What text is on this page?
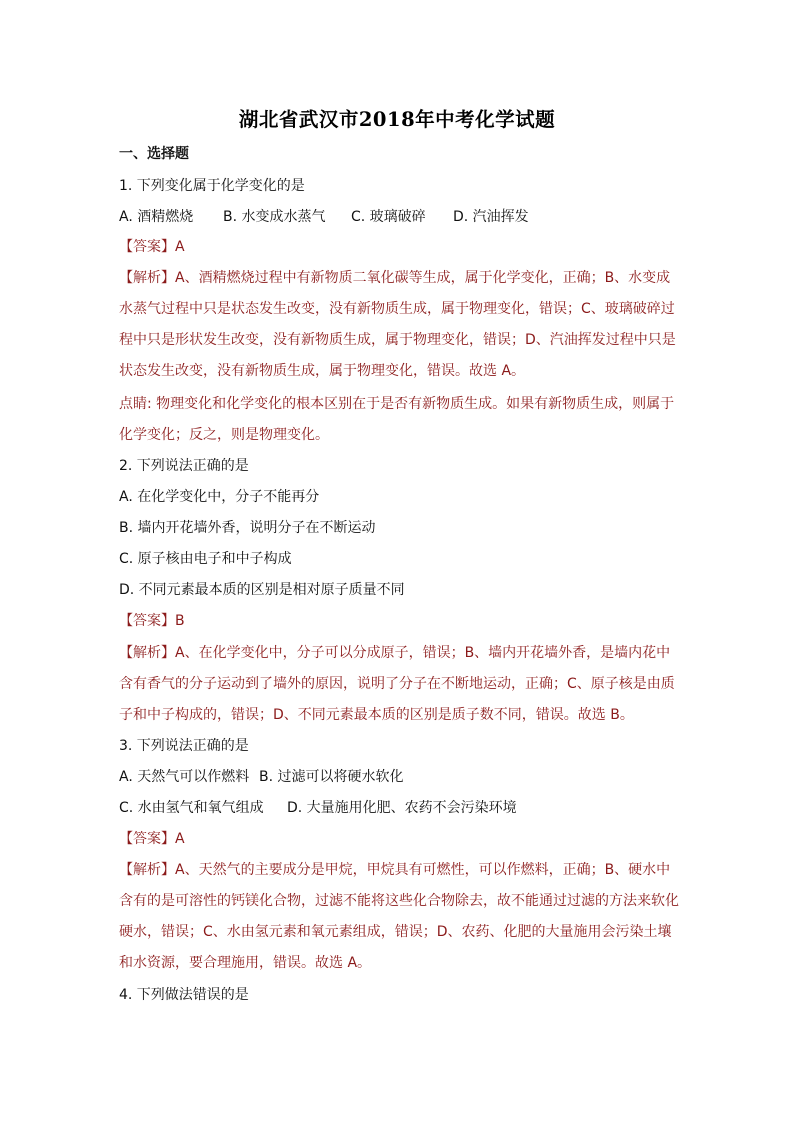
湖北省武汉市2018年中考化学试题
一、选择题
1. 下列变化属于化学变化的是
A. 酒精燃烧 B. 水变成水蒸气 C. 玻璃破碎 D. 汽油挥发
【答案】A
【解析】A、酒精燃烧过程中有新物质二氧化碳等生成，属于化学变化，正确；B、水变成
水蒸气过程中只是状态发生改变，没有新物质生成，属于物理变化，错误；C、玻璃破碎过
程中只是形状发生改变，没有新物质生成，属于物理变化，错误；D、汽油挥发过程中只是
状态发生改变，没有新物质生成，属于物理变化，错误。故选 A。
点睛: 物理变化和化学变化的根本区别在于是否有新物质生成。如果有新物质生成，则属于
化学变化；反之，则是物理变化。
2. 下列说法正确的是
A. 在化学变化中，分子不能再分
B. 墙内开花墙外香，说明分子在不断运动
C. 原子核由电子和中子构成
D. 不同元素最本质的区别是相对原子质量不同
【答案】B
【解析】A、在化学变化中，分子可以分成原子，错误；B、墙内开花墙外香，是墙内花中
含有香气的分子运动到了墙外的原因，说明了分子在不断地运动，正确；C、原子核是由质
子和中子构成的，错误；D、不同元素最本质的区别是质子数不同，错误。故选 B。
3. 下列说法正确的是
A. 天然气可以作燃料 B. 过滤可以将硬水软化
C. 水由氢气和氧气组成 D. 大量施用化肥、农药不会污染环境
【答案】A
【解析】A、天然气的主要成分是甲烷，甲烷具有可燃性，可以作燃料，正确；B、硬水中
含有的是可溶性的钙镁化合物，过滤不能将这些化合物除去，故不能通过过滤的方法来软化
硬水，错误；C、水由氢元素和氧元素组成，错误；D、农药、化肥的大量施用会污染土壤
和水资源，要合理施用，错误。故选 A。
4. 下列做法错误的是
